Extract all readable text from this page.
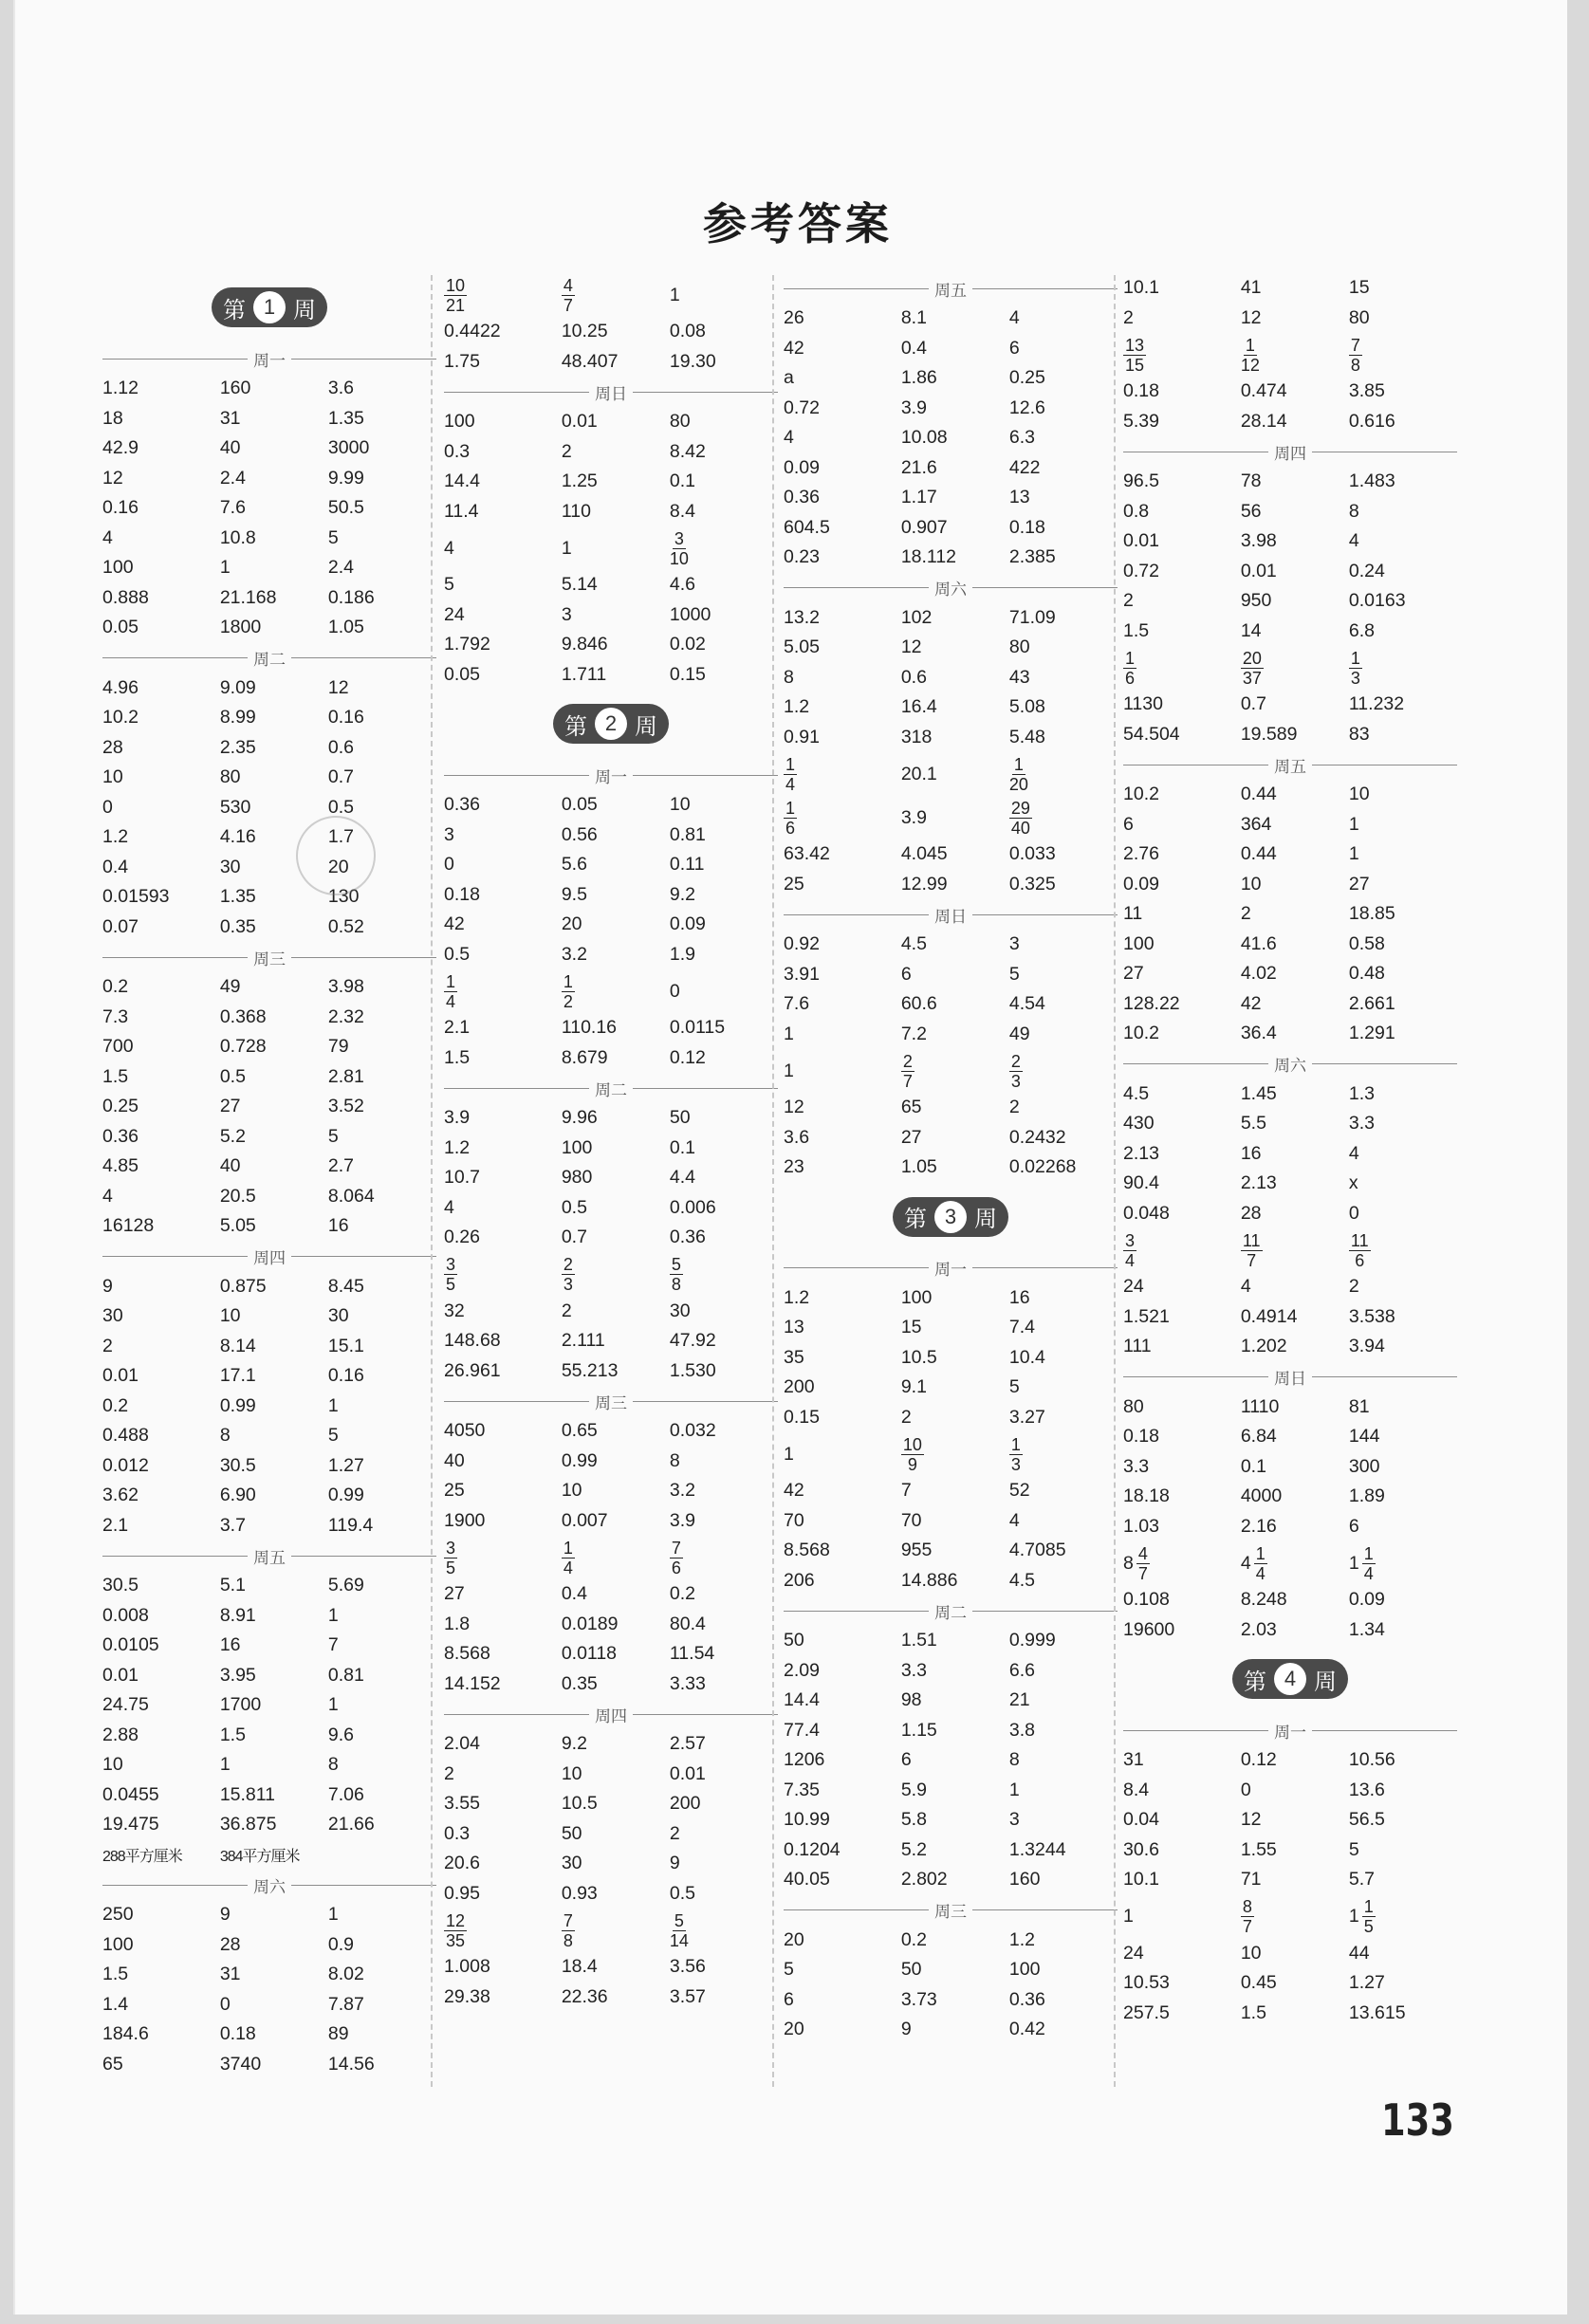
参考答案
第 1 周
周一
1.12	160	3.6
18	31	1.35
42.9	40	3000
12	2.4	9.99
0.16	7.6	50.5
4	10.8	5
100	1	2.4
0.888	21.168	0.186
0.05	1800	1.05
周二
4.96	9.09	12
10.2	8.99	0.16
28	2.35	0.6
10	80	0.7
0	530	0.5
1.2	4.16	1.7
0.4	30	20
0.01593	1.35	130
0.07	0.35	0.52
周三
0.2	49	3.98
7.3	0.368	2.32
700	0.728	79
1.5	0.5	2.81
0.25	27	3.52
0.36	5.2	5
4.85	40	2.7
4	20.5	8.064
16128	5.05	16
周四
9	0.875	8.45
30	10	30
2	8.14	15.1
0.01	17.1	0.16
0.2	0.99	1
0.488	8	5
0.012	30.5	1.27
3.62	6.90	0.99
2.1	3.7	119.4
周五
30.5	5.1	5.69
0.008	8.91	1
0.0105	16	7
0.01	3.95	0.81
24.75	1700	1
2.88	1.5	9.6
10	1	8
0.0455	15.811	7.06
19.475	36.875	21.66
288平方厘米	384平方厘米
周六
250	9	1
100	28	0.9
1.5	31	8.02
1.4	0	7.87
184.6	0.18	89
65	3740	14.56
$\frac{10}{21}$	$\frac{4}{7}$	1
0.4422	10.25	0.08
1.75	48.407	19.30
周日
100	0.01	80
0.3	2	8.42
14.4	1.25	0.1
11.4	110	8.4
4	1	$\frac{3}{10}$
5	5.14	4.6
24	3	1000
1.792	9.846	0.02
0.05	1.711	0.15
第 2 周
周一
0.36	0.05	10
3	0.56	0.81
0	5.6	0.11
0.18	9.5	9.2
42	20	0.09
0.5	3.2	1.9
$\frac{1}{4}$	$\frac{1}{2}$	0
2.1	110.16	0.0115
1.5	8.679	0.12
周二
3.9	9.96	50
1.2	100	0.1
10.7	980	4.4
4	0.5	0.006
0.26	0.7	0.36
$\frac{3}{5}$	$\frac{2}{3}$	$\frac{5}{8}$
32	2	30
148.68	2.111	47.92
26.961	55.213	1.530
周三
4050	0.65	0.032
40	0.99	8
25	10	3.2
1900	0.007	3.9
$\frac{3}{5}$	$\frac{1}{4}$	$\frac{7}{6}$
27	0.4	0.2
1.8	0.0189	80.4
8.568	0.0118	11.54
14.152	0.35	3.33
周四
2.04	9.2	2.57
2	10	0.01
3.55	10.5	200
0.3	50	2
20.6	30	9
0.95	0.93	0.5
$\frac{12}{35}$	$\frac{7}{8}$	$\frac{5}{14}$
1.008	18.4	3.56
29.38	22.36	3.57
周五
26	8.1	4
42	0.4	6
a	1.86	0.25
0.72	3.9	12.6
4	10.08	6.3
0.09	21.6	422
0.36	1.17	13
604.5	0.907	0.18
0.23	18.112	2.385
周六
13.2	102	71.09
5.05	12	80
8	0.6	43
1.2	16.4	5.08
0.91	318	5.48
$\frac{1}{4}$	20.1	$\frac{1}{20}$
$\frac{1}{6}$	3.9	$\frac{29}{40}$
63.42	4.045	0.033
25	12.99	0.325
周日
0.92	4.5	3
3.91	6	5
7.6	60.6	4.54
1	7.2	49
1	$\frac{2}{7}$	$\frac{2}{3}$
12	65	2
3.6	27	0.2432
23	1.05	0.02268
第 3 周
周一
1.2	100	16
13	15	7.4
35	10.5	10.4
200	9.1	5
0.15	2	3.27
1	$\frac{10}{9}$	$\frac{1}{3}$
42	7	52
70	70	4
8.568	955	4.7085
206	14.886	4.5
周二
50	1.51	0.999
2.09	3.3	6.6
14.4	98	21
77.4	1.15	3.8
1206	6	8
7.35	5.9	1
10.99	5.8	3
0.1204	5.2	1.3244
40.05	2.802	160
周三
20	0.2	1.2
5	50	100
6	3.73	0.36
20	9	0.42
10.1	41	15
2	12	80
$\frac{13}{15}$	$\frac{1}{12}$	$\frac{7}{8}$
0.18	0.474	3.85
5.39	28.14	0.616
周四
96.5	78	1.483
0.8	56	8
0.01	3.98	4
0.72	0.01	0.24
2	950	0.0163
1.5	14	6.8
$\frac{1}{6}$	$\frac{20}{37}$	$\frac{1}{3}$
1130	0.7	11.232
54.504	19.589	83
周五
10.2	0.44	10
6	364	1
2.76	0.44	1
0.09	10	27
11	2	18.85
100	41.6	0.58
27	4.02	0.48
128.22	42	2.661
10.2	36.4	1.291
周六
4.5	1.45	1.3
430	5.5	3.3
2.13	16	4
90.4	2.13	x
0.048	28	0
$\frac{3}{4}$	$\frac{11}{7}$	$\frac{11}{6}$
24	4	2
1.521	0.4914	3.538
111	1.202	3.94
周日
80	1110	81
0.18	6.84	144
3.3	0.1	300
18.18	4000	1.89
1.03	2.16	6
$8 \frac{4}{7}$	$4 \frac{1}{4}$	$1 \frac{1}{4}$
0.108	8.248	0.09
19600	2.03	1.34
第 4 周
周一
31	0.12	10.56
8.4	0	13.6
0.04	12	56.5
30.6	1.55	5
10.1	71	5.7
1	$\frac{8}{7}$	$1 \frac{1}{5}$
24	10	44
10.53	0.45	1.27
257.5	1.5	13.615
133
